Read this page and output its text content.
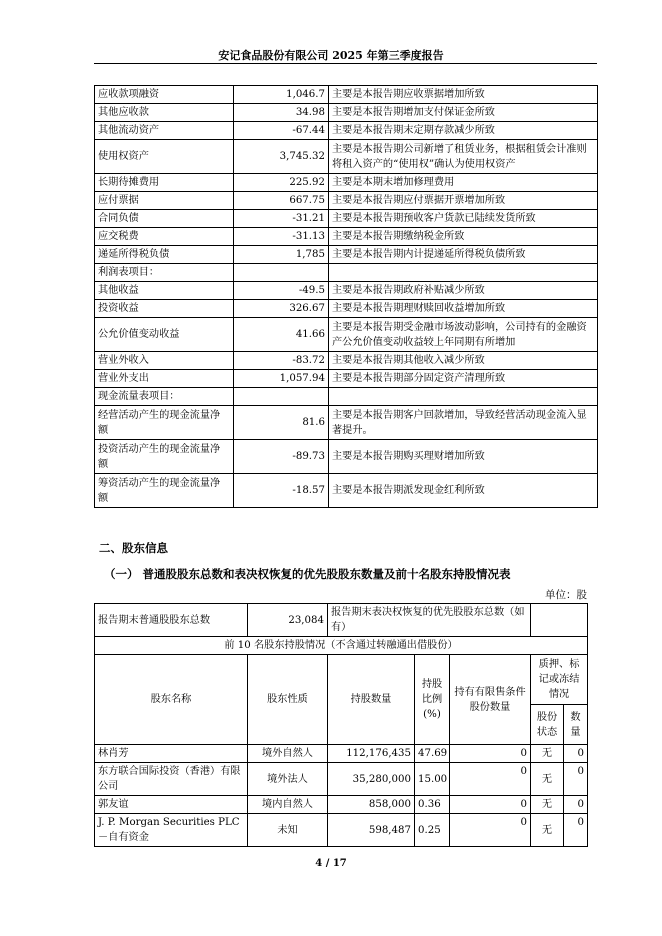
安记食品股份有限公司 2025 年第三季度报告
应收款项融资	1,046.7	主要是本报告期应收票据增加所致
其他应收款	34.98	主要是本报告期增加支付保证金所致
其他流动资产	-67.44	主要是本报告期末定期存款减少所致
使用权资产	3,745.32	主要是本报告期公司新增了租赁业务，根据租赁会计准则将租入资产的“使用权”确认为使用权资产
长期待摊费用	225.92	主要是本期末增加修理费用
应付票据	667.75	主要是本报告期应付票据开票增加所致
合同负债	-31.21	主要是本报告期预收客户货款已陆续发货所致
应交税费	-31.13	主要是本报告期缴纳税金所致
递延所得税负债	1,785	主要是本报告期内计提递延所得税负债所致
利润表项目：		
其他收益	-49.5	主要是本报告期政府补贴减少所致
投资收益	326.67	主要是本报告期理财赎回收益增加所致
公允价值变动收益	41.66	主要是本报告期受金融市场波动影响，公司持有的金融资产公允价值变动收益较上年同期有所增加
营业外收入	-83.72	主要是本报告期其他收入减少所致
营业外支出	1,057.94	主要是本报告期部分固定资产清理所致
现金流量表项目：		
经营活动产生的现金流量净额	81.6	主要是本报告期客户回款增加，导致经营活动现金流入显著提升。
投资活动产生的现金流量净额	-89.73	主要是本报告期购买理财增加所致
筹资活动产生的现金流量净额	-18.57	主要是本报告期派发现金红利所致
二、股东信息
（一） 普通股股东总数和表决权恢复的优先股股东数量及前十名股东持股情况表
单位：股
报告期末普通股股东总数	23,084	报告期末表决权恢复的优先股股东总数（如有）				
前 10 名股东持股情况（不含通过转融通出借股份）						
股东名称	股东性质	持股数量	持股比例(%)	持有有限售条件股份数量	质押、标记或冻结情况	
					股份状态	数量
林肖芳	境外自然人	112,176,435	47.69	0	无	0
东方联合国际投资（香港）有限公司	境外法人	35,280,000	15.00	0	无	0
郭友谊	境内自然人	858,000	0.36	0	无	0
J. P. Morgan Securities PLC－自有资金	未知	598,487	0.25	0	无	0
4 / 17
